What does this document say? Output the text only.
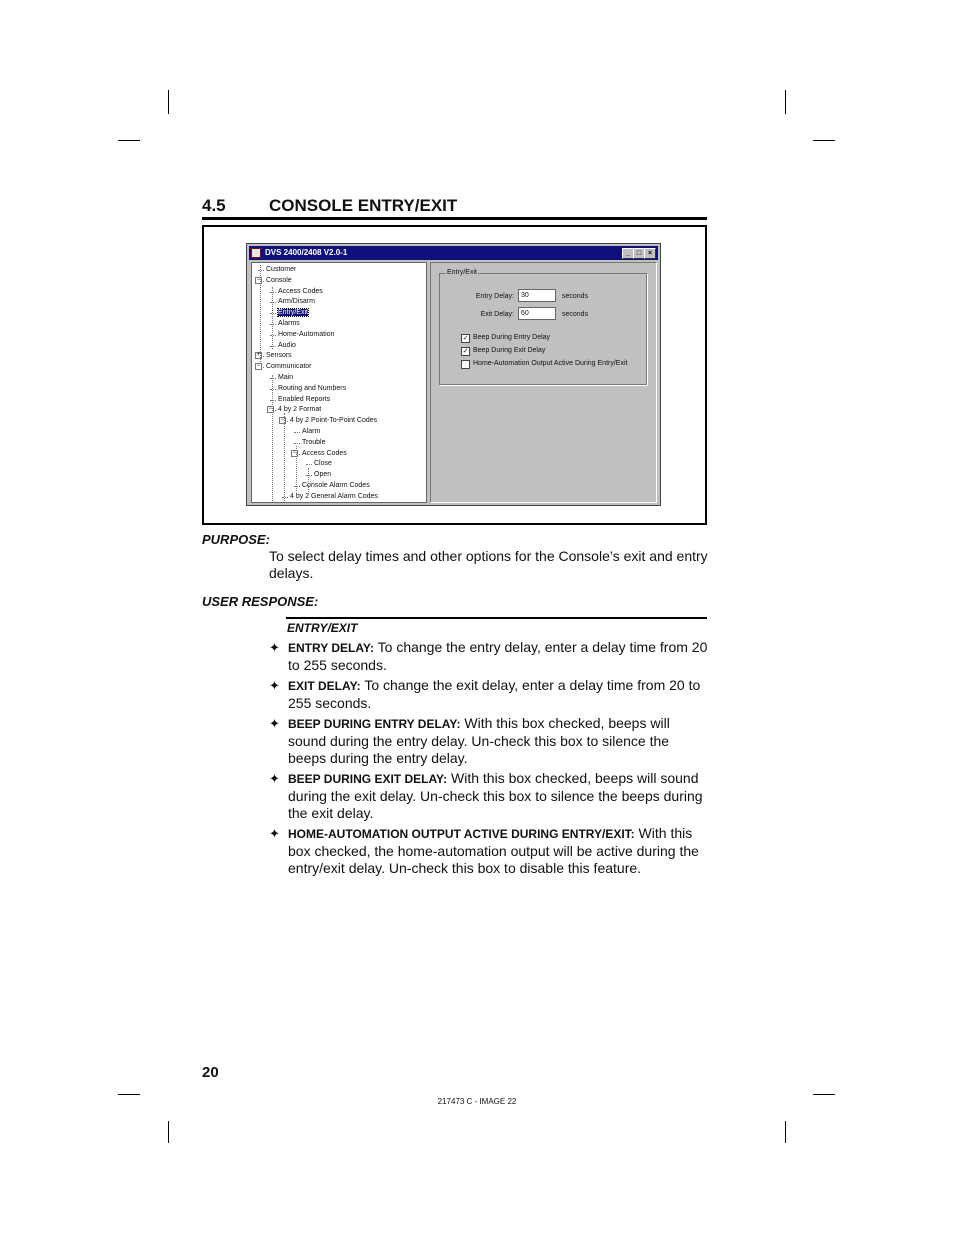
4.5	CONSOLE ENTRY/EXIT
DVS 2400/2408 V2.0-1	_ □ ×
Customer
− Console
Access Codes
Arm/Disarm
Entry/Exit
Alarms
Home-Automation
Audio
+ Sensors
− Communicator
Main
Routing and Numbers
Enabled Reports
− 4 by 2 Format
− 4 by 2 Point-To-Point Codes
Alarm
Trouble
− Access Codes
Close
Open
Console Alarm Codes
4 by 2 General Alarm Codes
Entry/Exit
Entry Delay:	30	seconds
Exit Delay:	60	seconds
✓ Beep During Entry Delay
✓ Beep During Exit Delay
Home-Automation Output Active During Entry/Exit
PURPOSE:
To select delay times and other options for the Console’s exit and entry delays.
USER RESPONSE:
ENTRY/EXIT
✦ ENTRY DELAY: To change the entry delay, enter a delay time from 20 to 255 seconds.
✦ EXIT DELAY: To change the exit delay, enter a delay time from 20 to 255 seconds.
✦ BEEP DURING ENTRY DELAY: With this box checked, beeps will sound during the entry delay. Un-check this box to silence the beeps during the entry delay.
✦ BEEP DURING EXIT DELAY: With this box checked, beeps will sound during the exit delay. Un-check this box to silence the beeps during the exit delay.
✦ HOME-AUTOMATION OUTPUT ACTIVE DURING ENTRY/EXIT: With this box checked, the home-automation output will be active during the entry/exit delay. Un-check this box to disable this feature.
20
217473 C - IMAGE 22
